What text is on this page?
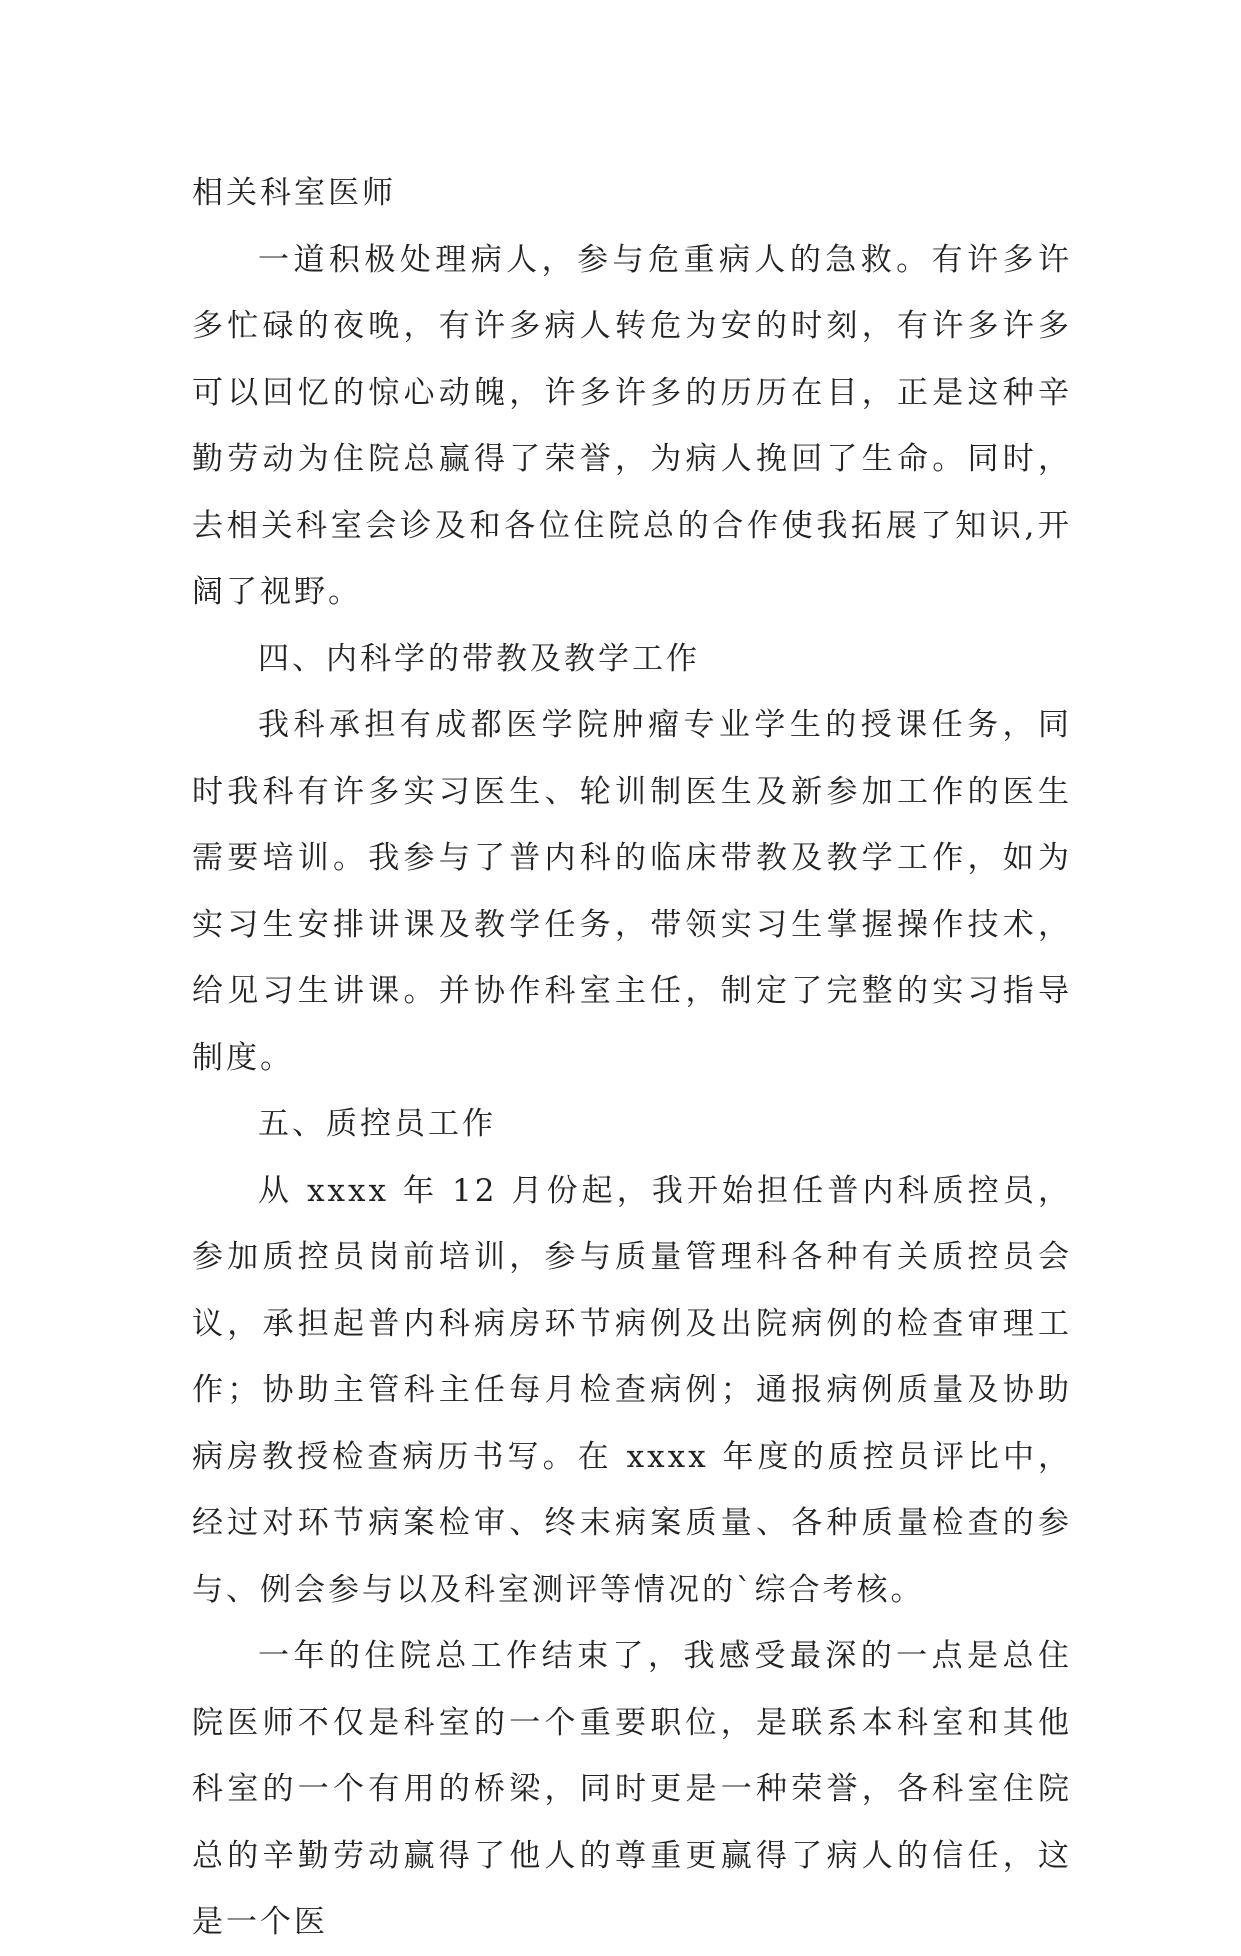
相关科室医师

一道积极处理病人，参与危重病人的急救。有许多许多忙碌的夜晚，有许多病人转危为安的时刻，有许多许多可以回忆的惊心动魄，许多许多的历历在目，正是这种辛勤劳动为住院总赢得了荣誉，为病人挽回了生命。同时，去相关科室会诊及和各位住院总的合作使我拓展了知识,开阔了视野。

四、内科学的带教及教学工作

我科承担有成都医学院肿瘤专业学生的授课任务，同时我科有许多实习医生、轮训制医生及新参加工作的医生需要培训。我参与了普内科的临床带教及教学工作，如为实习生安排讲课及教学任务，带领实习生掌握操作技术，给见习生讲课。并协作科室主任，制定了完整的实习指导制度。

五、质控员工作

从 xxxx 年 12 月份起，我开始担任普内科质控员，参加质控员岗前培训，参与质量管理科各种有关质控员会议，承担起普内科病房环节病例及出院病例的检查审理工作；协助主管科主任每月检查病例；通报病例质量及协助病房教授检查病历书写。在 xxxx 年度的质控员评比中，经过对环节病案检审、终末病案质量、各种质量检查的参与、例会参与以及科室测评等情况的`综合考核。

一年的住院总工作结束了，我感受最深的一点是总住院医师不仅是科室的一个重要职位，是联系本科室和其他科室的一个有用的桥梁，同时更是一种荣誉，各科室住院总的辛勤劳动赢得了他人的尊重更赢得了病人的信任，这是一个医
